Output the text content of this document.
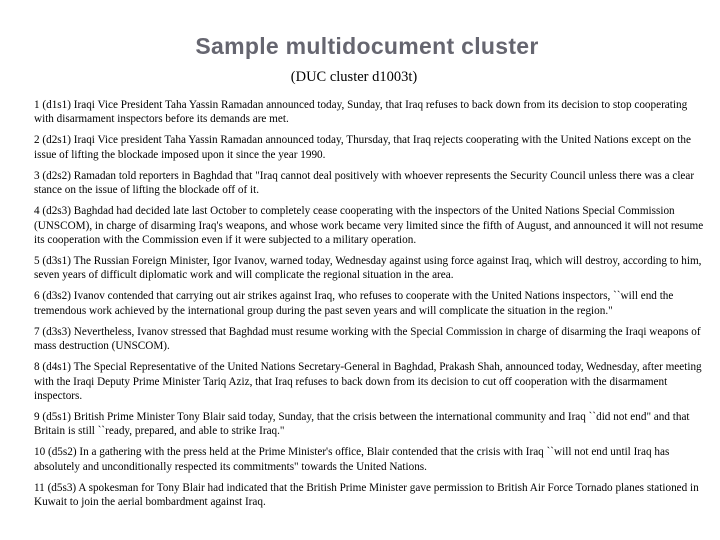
Sample multidocument cluster
(DUC cluster d1003t)

1 (d1s1) Iraqi Vice President Taha Yassin Ramadan announced today, Sunday, that Iraq refuses to back down from its decision to stop cooperating with disarmament inspectors before its demands are met.

2 (d2s1) Iraqi Vice president Taha Yassin Ramadan announced today, Thursday, that Iraq rejects cooperating with the United Nations except on the issue of lifting the blockade imposed upon it since the year 1990.

3 (d2s2) Ramadan told reporters in Baghdad that "Iraq cannot deal positively with whoever represents the Security Council unless there was a clear stance on the issue of lifting the blockade off of it.

4 (d2s3) Baghdad had decided late last October to completely cease cooperating with the inspectors of the United Nations Special Commission (UNSCOM), in charge of disarming Iraq's weapons, and whose work became very limited since the fifth of August, and announced it will not resume its cooperation with the Commission even if it were subjected to a military operation.

5 (d3s1) The Russian Foreign Minister, Igor Ivanov, warned today, Wednesday against using force against Iraq, which will destroy, according to him, seven years of difficult diplomatic work and will complicate the regional situation in the area.

6 (d3s2) Ivanov contended that carrying out air strikes against Iraq, who refuses to cooperate with the United Nations inspectors, ``will end the tremendous work achieved by the international group during the past seven years and will complicate the situation in the region."

7 (d3s3) Nevertheless, Ivanov stressed that Baghdad must resume working with the Special Commission in charge of disarming the Iraqi weapons of mass destruction (UNSCOM).

8 (d4s1) The Special Representative of the United Nations Secretary-General in Baghdad, Prakash Shah, announced today, Wednesday, after meeting with the Iraqi Deputy Prime Minister Tariq Aziz, that Iraq refuses to back down from its decision to cut off cooperation with the disarmament inspectors.

9 (d5s1) British Prime Minister Tony Blair said today, Sunday, that the crisis between the international community and Iraq ``did not end" and that Britain is still ``ready, prepared, and able to strike Iraq."

10 (d5s2) In a gathering with the press held at the Prime Minister's office, Blair contended that the crisis with Iraq ``will not end until Iraq has absolutely and unconditionally respected its commitments" towards the United Nations.

11 (d5s3) A spokesman for Tony Blair had indicated that the British Prime Minister gave permission to British Air Force Tornado planes stationed in Kuwait to join the aerial bombardment against Iraq.
